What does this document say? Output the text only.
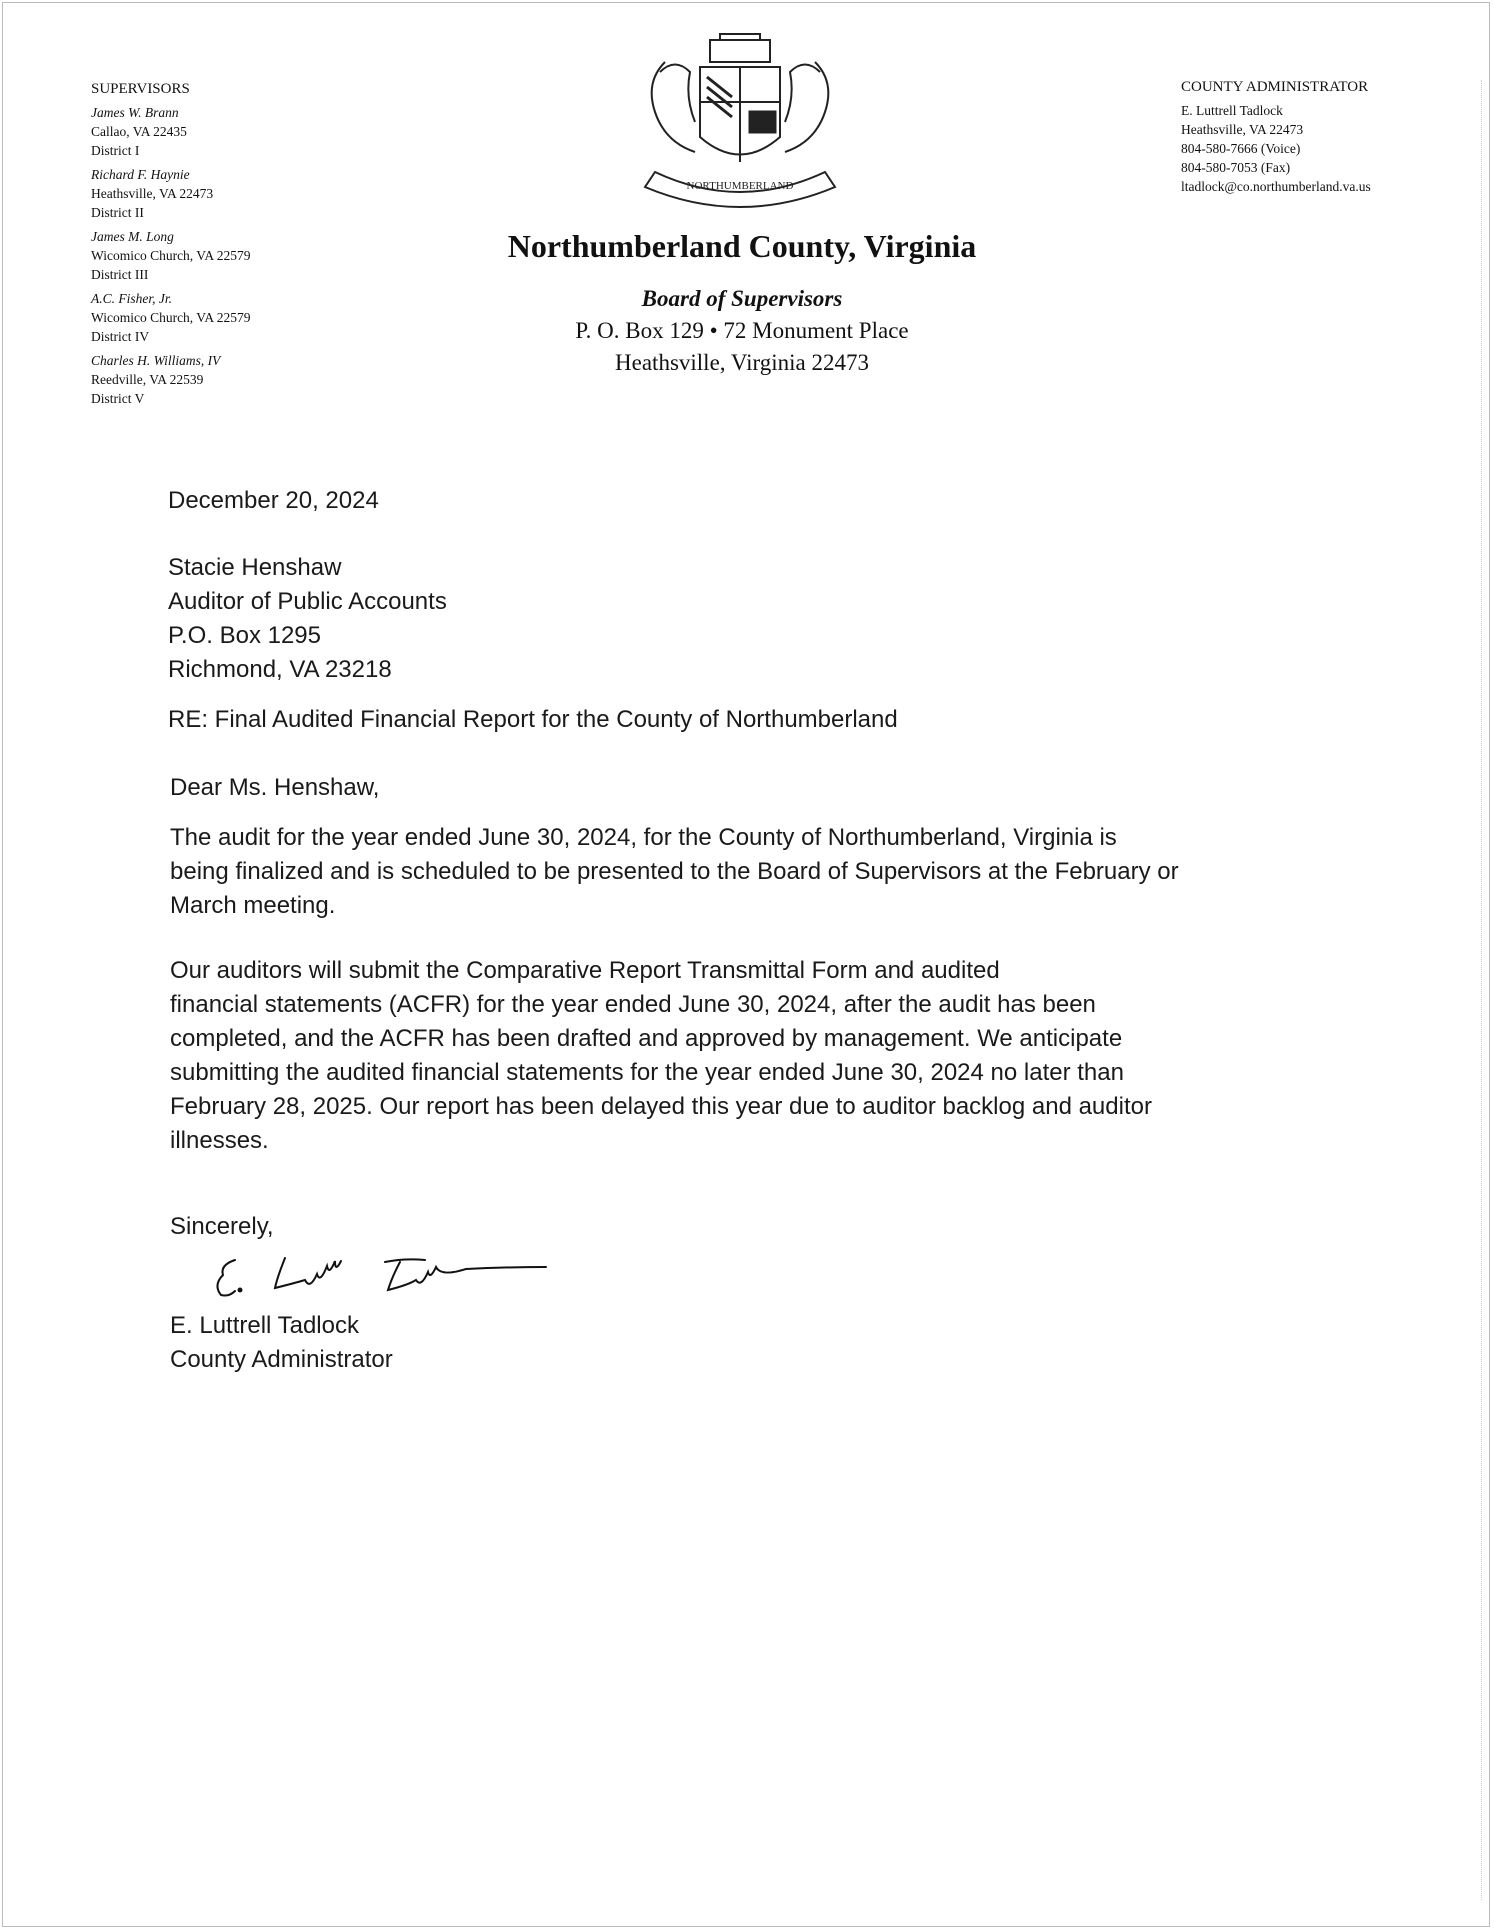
SUPERVISORS
James W. Brann
Callao, VA 22435
District I
Richard F. Haynie
Heathsville, VA 22473
District II
James M. Long
Wicomico Church, VA 22579
District III
A.C. Fisher, Jr.
Wicomico Church, VA 22579
District IV
Charles H. Williams, IV
Reedville, VA 22539
District V
COUNTY ADMINISTRATOR
E. Luttrell Tadlock
Heathsville, VA 22473
804-580-7666 (Voice)
804-580-7053 (Fax)
ltadlock@co.northumberland.va.us
NORTHUMBERLAND
Northumberland County, Virginia
Board of Supervisors
P. O. Box 129 • 72 Monument Place
Heathsville, Virginia 22473
December 20, 2024
Stacie Henshaw
Auditor of Public Accounts
P.O. Box 1295
Richmond, VA 23218
RE: Final Audited Financial Report for the County of Northumberland
Dear Ms. Henshaw,
The audit for the year ended June 30, 2024, for the County of Northumberland, Virginia is
being finalized and is scheduled to be presented to the Board of Supervisors at the February or
March meeting.
Our auditors will submit the Comparative Report Transmittal Form and audited
financial statements (ACFR) for the year ended June 30, 2024, after the audit has been
completed, and the ACFR has been drafted and approved by management. We anticipate
submitting the audited financial statements for the year ended June 30, 2024 no later than
February 28, 2025. Our report has been delayed this year due to auditor backlog and auditor
illnesses.
Sincerely,
E. Luttrell Tadlock
County Administrator
